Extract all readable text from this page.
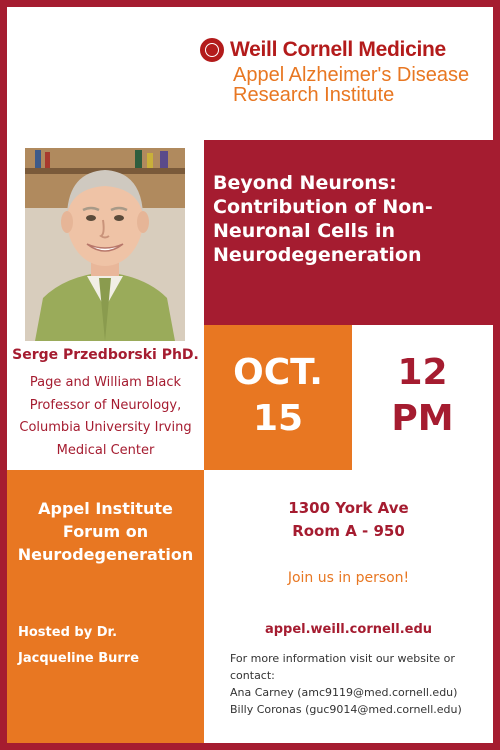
Weill Cornell Medicine
Appel Alzheimer's Disease
Research Institute
Beyond Neurons:
Contribution of Non-
Neuronal Cells in
Neurodegeneration
Serge Przedborski PhD.
Page and William Black
Professor of Neurology,
Columbia University Irving
Medical Center
OCT.
15
12
PM
Appel Institute
Forum on
Neurodegeneration
Hosted by Dr.
Jacqueline Burre
1300 York Ave
Room A - 950
Join us in person!
appel.weill.cornell.edu
For more information visit our website or
contact:
Ana Carney (amc9119@med.cornell.edu)
Billy Coronas (guc9014@med.cornell.edu)
